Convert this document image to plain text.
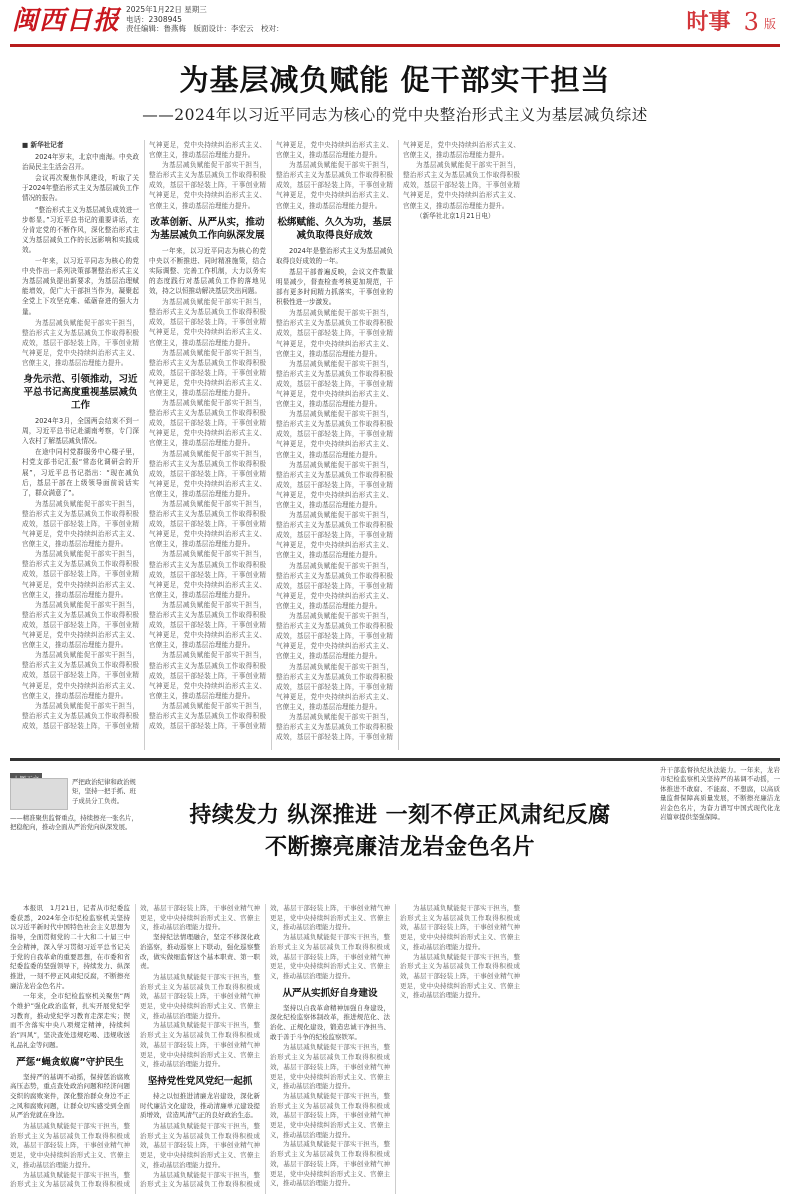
闽西日报 2025年1月22日 星期三
电话：2308945
责任编辑：鲁燕梅　版面设计：李宏云　校对：	时事 3 版
为基层减负赋能 促干部实干担当
——2024年以习近平同志为核心的党中央整治形式主义为基层减负综述
■ 新华社记者

2024年岁末，北京中南海。中央政治局民主生活会召开。

会议再次聚焦作风建设，听取了关于2024年整治形式主义为基层减负工作情况的报告。

“整治形式主义为基层减负成效进一步彰显。”习近平总书记的重要讲话，充分肯定党的不断作风，深化整治形式主义为基层减负工作的长远影响和实践成效。

一年来，以习近平同志为核心的党中央作出一系列决策部署整治形式主义为基层减负提出新要求，为基层治理赋能增效，促广大干部担当作为，凝聚起全党上下攻坚克难、砥砺奋进的强大力量。

为基层减负赋能促干部实干担当，整治形式主义为基层减负工作取得积极成效，基层干部轻装上阵，干事创业精气神更足，党中央持续纠治形式主义、官僚主义，推动基层治理能力提升。

身先示范、引领推动，习近平总书记高度重视基层减负工作

2024年3月，全国两会结束不到一周，习近平总书记赴湖南考察，专门深入农村了解基层减负情况。

在途中同村党群服务中心楼子里，村党支部书记汇报“常态化调研会的开展”，习近平总书记指出：“现在减负后，基层干部在上级领导面前说话实了，群众满意了”。

为基层减负赋能促干部实干担当，整治形式主义为基层减负工作取得积极成效，基层干部轻装上阵，干事创业精气神更足，党中央持续纠治形式主义、官僚主义，推动基层治理能力提升。

为基层减负赋能促干部实干担当，整治形式主义为基层减负工作取得积极成效，基层干部轻装上阵，干事创业精气神更足，党中央持续纠治形式主义、官僚主义，推动基层治理能力提升。

为基层减负赋能促干部实干担当，整治形式主义为基层减负工作取得积极成效，基层干部轻装上阵，干事创业精气神更足，党中央持续纠治形式主义、官僚主义，推动基层治理能力提升。

为基层减负赋能促干部实干担当，整治形式主义为基层减负工作取得积极成效，基层干部轻装上阵，干事创业精气神更足，党中央持续纠治形式主义、官僚主义，推动基层治理能力提升。

为基层减负赋能促干部实干担当，整治形式主义为基层减负工作取得积极成效，基层干部轻装上阵，干事创业精气神更足，党中央持续纠治形式主义、官僚主义，推动基层治理能力提升。

为基层减负赋能促干部实干担当，整治形式主义为基层减负工作取得积极成效，基层干部轻装上阵，干事创业精气神更足，党中央持续纠治形式主义、官僚主义，推动基层治理能力提升。

改革创新、从严从实，推动为基层减负工作向纵深发展

一年来，以习近平同志为核心的党中央以不断推进、同时精准施策，结合实际调整、完善工作机制，大力以务实的态度践行对基层减负工作的落地见效，持之以恒推动解决基层突出问题。

为基层减负赋能促干部实干担当，整治形式主义为基层减负工作取得积极成效，基层干部轻装上阵，干事创业精气神更足，党中央持续纠治形式主义、官僚主义，推动基层治理能力提升。

为基层减负赋能促干部实干担当，整治形式主义为基层减负工作取得积极成效，基层干部轻装上阵，干事创业精气神更足，党中央持续纠治形式主义、官僚主义，推动基层治理能力提升。

为基层减负赋能促干部实干担当，整治形式主义为基层减负工作取得积极成效，基层干部轻装上阵，干事创业精气神更足，党中央持续纠治形式主义、官僚主义，推动基层治理能力提升。

为基层减负赋能促干部实干担当，整治形式主义为基层减负工作取得积极成效，基层干部轻装上阵，干事创业精气神更足，党中央持续纠治形式主义、官僚主义，推动基层治理能力提升。

为基层减负赋能促干部实干担当，整治形式主义为基层减负工作取得积极成效，基层干部轻装上阵，干事创业精气神更足，党中央持续纠治形式主义、官僚主义，推动基层治理能力提升。

为基层减负赋能促干部实干担当，整治形式主义为基层减负工作取得积极成效，基层干部轻装上阵，干事创业精气神更足，党中央持续纠治形式主义、官僚主义，推动基层治理能力提升。

为基层减负赋能促干部实干担当，整治形式主义为基层减负工作取得积极成效，基层干部轻装上阵，干事创业精气神更足，党中央持续纠治形式主义、官僚主义，推动基层治理能力提升。

为基层减负赋能促干部实干担当，整治形式主义为基层减负工作取得积极成效，基层干部轻装上阵，干事创业精气神更足，党中央持续纠治形式主义、官僚主义，推动基层治理能力提升。

为基层减负赋能促干部实干担当，整治形式主义为基层减负工作取得积极成效，基层干部轻装上阵，干事创业精气神更足，党中央持续纠治形式主义、官僚主义，推动基层治理能力提升。

为基层减负赋能促干部实干担当，整治形式主义为基层减负工作取得积极成效，基层干部轻装上阵，干事创业精气神更足，党中央持续纠治形式主义、官僚主义，推动基层治理能力提升。

松绑赋能、久久为功，基层减负取得良好成效

2024年是整治形式主义为基层减负取得良好成效的一年。

基层干部普遍反映，会议文件数量明显减少，督查检查考核更加规范，干部有更多时间精力抓落实，干事创业的积极性进一步激发。

为基层减负赋能促干部实干担当，整治形式主义为基层减负工作取得积极成效，基层干部轻装上阵，干事创业精气神更足，党中央持续纠治形式主义、官僚主义，推动基层治理能力提升。

为基层减负赋能促干部实干担当，整治形式主义为基层减负工作取得积极成效，基层干部轻装上阵，干事创业精气神更足，党中央持续纠治形式主义、官僚主义，推动基层治理能力提升。

为基层减负赋能促干部实干担当，整治形式主义为基层减负工作取得积极成效，基层干部轻装上阵，干事创业精气神更足，党中央持续纠治形式主义、官僚主义，推动基层治理能力提升。

为基层减负赋能促干部实干担当，整治形式主义为基层减负工作取得积极成效，基层干部轻装上阵，干事创业精气神更足，党中央持续纠治形式主义、官僚主义，推动基层治理能力提升。

为基层减负赋能促干部实干担当，整治形式主义为基层减负工作取得积极成效，基层干部轻装上阵，干事创业精气神更足，党中央持续纠治形式主义、官僚主义，推动基层治理能力提升。

为基层减负赋能促干部实干担当，整治形式主义为基层减负工作取得积极成效，基层干部轻装上阵，干事创业精气神更足，党中央持续纠治形式主义、官僚主义，推动基层治理能力提升。

为基层减负赋能促干部实干担当，整治形式主义为基层减负工作取得积极成效，基层干部轻装上阵，干事创业精气神更足，党中央持续纠治形式主义、官僚主义，推动基层治理能力提升。

为基层减负赋能促干部实干担当，整治形式主义为基层减负工作取得积极成效，基层干部轻装上阵，干事创业精气神更足，党中央持续纠治形式主义、官僚主义，推动基层治理能力提升。

为基层减负赋能促干部实干担当，整治形式主义为基层减负工作取得积极成效，基层干部轻装上阵，干事创业精气神更足，党中央持续纠治形式主义、官僚主义，推动基层治理能力提升。

为基层减负赋能促干部实干担当，整治形式主义为基层减负工作取得积极成效，基层干部轻装上阵，干事创业精气神更足，党中央持续纠治形式主义、官僚主义，推动基层治理能力提升。

（新华社北京1月21日电）

严把政治纪律和政治规矩，坚持一把手抓、班子成员分工负责。
——精准聚焦监督重点，持续擦亮一张名片，把稳舵向，推动全面从严治党向纵深发展。	持续发力 纵深推进 一刻不停正风肃纪反腐
不断擦亮廉洁龙岩金色名片
升干部监督执纪执法能力。一年来，龙岩市纪检监察机关坚持严的基调不动摇，一体推进不敢腐、不能腐、不想腐，以高质量监督保障高质量发展，不断擦亮廉洁龙岩金色名片，为奋力谱写中国式现代化龙岩篇章提供坚强保障。

本报讯　1月21日，记者从市纪委监委获悉，2024年全市纪检监察机关坚持以习近平新时代中国特色社会主义思想为指导，全面贯彻党的二十大和二十届三中全会精神，深入学习贯彻习近平总书记关于党的自我革命的重要思想，在市委和省纪委监委的坚强领导下，持续发力、纵深推进，一刻不停正风肃纪反腐，不断擦亮廉洁龙岩金色名片。

一年来，全市纪检监察机关聚焦“两个维护”强化政治监督，扎实开展党纪学习教育，推动党纪学习教育走深走实；锲而不舍落实中央八项规定精神，持续纠治“四风”，坚决查处违规吃喝、违规收送礼品礼金等问题。

严惩“蝇贪蚁腐”守护民生

坚持严的基调不动摇，保持惩治腐败高压态势，重点查处政治问题和经济问题交织的腐败案件，深化整治群众身边不正之风和腐败问题，让群众切实感受到全面从严治党就在身边。

为基层减负赋能促干部实干担当，整治形式主义为基层减负工作取得积极成效，基层干部轻装上阵，干事创业精气神更足，党中央持续纠治形式主义、官僚主义，推动基层治理能力提升。

为基层减负赋能促干部实干担当，整治形式主义为基层减负工作取得积极成效，基层干部轻装上阵，干事创业精气神更足，党中央持续纠治形式主义、官僚主义，推动基层治理能力提升。

坚持纪法情理融合，坚定不移深化政治巡察，推动巡察上下联动，强化巡察整改，做实做细监督这个基本职责、第一职责。

为基层减负赋能促干部实干担当，整治形式主义为基层减负工作取得积极成效，基层干部轻装上阵，干事创业精气神更足，党中央持续纠治形式主义、官僚主义，推动基层治理能力提升。

为基层减负赋能促干部实干担当，整治形式主义为基层减负工作取得积极成效，基层干部轻装上阵，干事创业精气神更足，党中央持续纠治形式主义、官僚主义，推动基层治理能力提升。

坚持党性党风党纪一起抓

持之以恒推进清廉龙岩建设，深化新时代廉洁文化建设，推动清廉单元建设提质增效，营造风清气正的良好政治生态。

为基层减负赋能促干部实干担当，整治形式主义为基层减负工作取得积极成效，基层干部轻装上阵，干事创业精气神更足，党中央持续纠治形式主义、官僚主义，推动基层治理能力提升。

为基层减负赋能促干部实干担当，整治形式主义为基层减负工作取得积极成效，基层干部轻装上阵，干事创业精气神更足，党中央持续纠治形式主义、官僚主义，推动基层治理能力提升。

为基层减负赋能促干部实干担当，整治形式主义为基层减负工作取得积极成效，基层干部轻装上阵，干事创业精气神更足，党中央持续纠治形式主义、官僚主义，推动基层治理能力提升。

从严从实抓好自身建设

坚持以自我革命精神加强自身建设，深化纪检监察体制改革，推进规范化、法治化、正规化建设，锻造忠诚干净担当、敢于善于斗争的纪检监察铁军。

为基层减负赋能促干部实干担当，整治形式主义为基层减负工作取得积极成效，基层干部轻装上阵，干事创业精气神更足，党中央持续纠治形式主义、官僚主义，推动基层治理能力提升。

为基层减负赋能促干部实干担当，整治形式主义为基层减负工作取得积极成效，基层干部轻装上阵，干事创业精气神更足，党中央持续纠治形式主义、官僚主义，推动基层治理能力提升。

为基层减负赋能促干部实干担当，整治形式主义为基层减负工作取得积极成效，基层干部轻装上阵，干事创业精气神更足，党中央持续纠治形式主义、官僚主义，推动基层治理能力提升。

为基层减负赋能促干部实干担当，整治形式主义为基层减负工作取得积极成效，基层干部轻装上阵，干事创业精气神更足，党中央持续纠治形式主义、官僚主义，推动基层治理能力提升。

为基层减负赋能促干部实干担当，整治形式主义为基层减负工作取得积极成效，基层干部轻装上阵，干事创业精气神更足，党中央持续纠治形式主义、官僚主义，推动基层治理能力提升。
